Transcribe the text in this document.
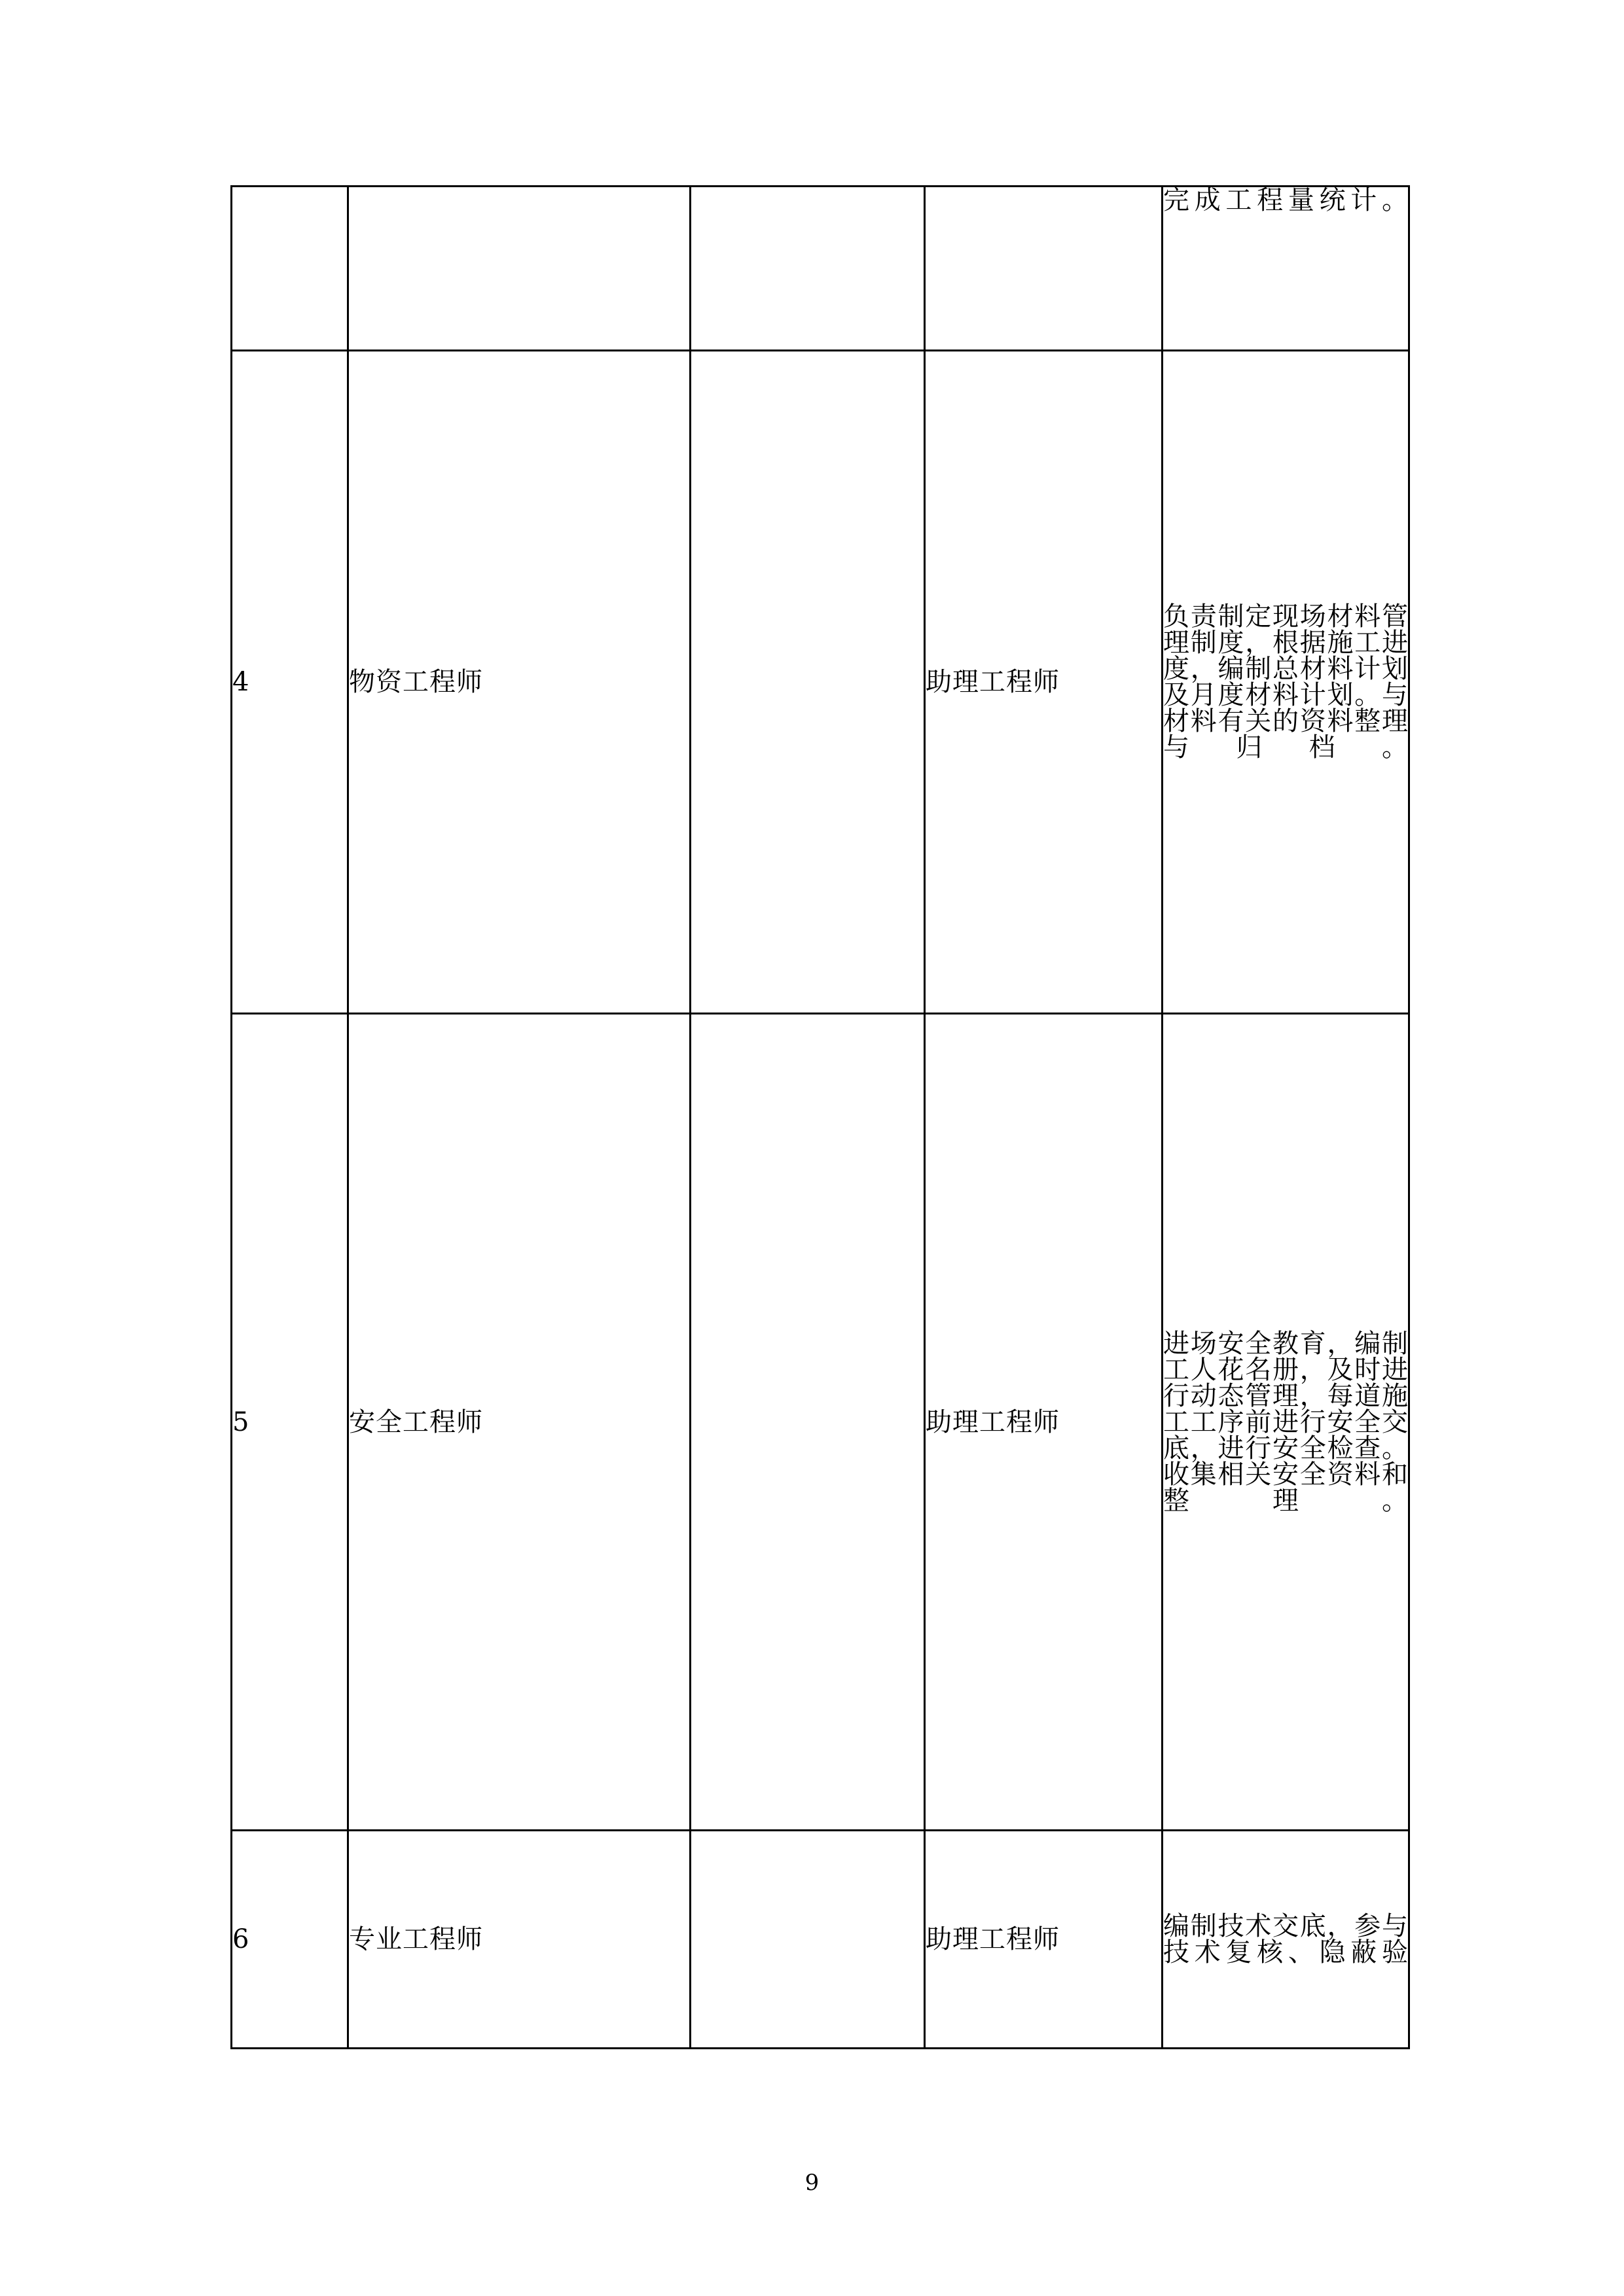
				完成工程量统计。
4	物资工程师		助理工程师	负责制定现场材料管理制度，根据施工进度，编制总材料计划及月度材料计划。与材料有关的资料整理与归档。
5	安全工程师		助理工程师	进场安全教育，编制工人花名册，及时进行动态管理，每道施工工序前进行安全交底，进行安全检查。收集相关安全资料和整理。
6	专业工程师		助理工程师	编制技术交底，参与技术复核、隐蔽验
9
